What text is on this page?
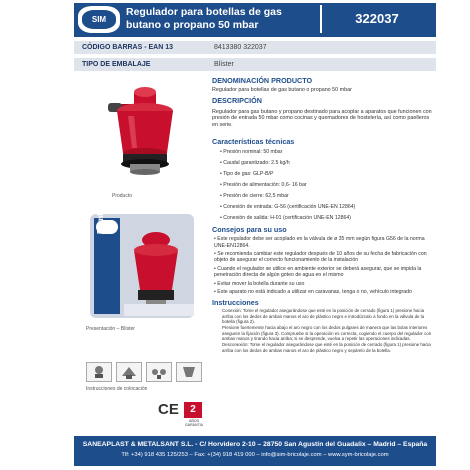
SIM
Regulador para botellas de gas butano o propano 50 mbar	322037
CÓDIGO BARRAS - EAN 13	8413380 322037
TIPO DE EMBALAJE	Blíster
Producto
Presentación – Blíster
Instrucciones de colocación
CE	2
AÑOS GARANTIA
DENOMINACIÓN PRODUCTO
Regulador para botellas de gas butano o propano 50 mbar
DESCRIPCIÓN
Regulador para gas butano y propano destinado para acoplar a aparatos que funcionen con presión de entrada 50 mbar como cocinas y quemadores de hostelería, así como paelleros en serie.
Características técnicas
• Presión nominal: 50 mbar
• Caudal garantizado: 2.5 kg/h
• Tipo de gas: GLP-B/P
• Presión de alimentación: 0,6- 16 bar
• Presión de cierre: 62,5 mbar
• Conexión de entrada: G-56 (certificación UNE-EN 12864)
• Conexión de salida: H-01 (certificación UNE-EN 12864)
Consejos para su uso
• Este regulador debe ser acoplado en la válvula de ø 35 mm según figura G56 de la norma UNE-EN12864.
• Se recomienda cambiar este regulador después de 10 años de su fecha de fabricación con objeto de asegurar el correcto funcionamiento de la instalación
• Cuando el regulador se utilice en ambiente exterior se deberá asegurar, que se impida la penetración directa de algún goteo de agua en el mismo
• Evitar mover la botella durante su uso
• Este aparato no está indicado a utilizar en caravanas, tenga o no, vehículo integrado
Instrucciones
Conexión: Tome el regulador asegurándose que esté en la posición de cerrado (figura 1) presione hacia arriba con los dedos de ambas manos el aro de plástico negro e introdúzcalo a fondo en la válvula de la botella (figura 2).
Presione fuertemente hacia abajo el aro negro con los dedos pulgares de manera que las bolas interiores aseguren la fijación (figura 3). Compruebe si la operación es correcta, cogiendo el cuerpo del regulador con ambas manos y tirando hacia arriba; si se desprende, vuelva a repetir las operaciones indicadas.
Desconexión: Tome el regulador asegurándose que esté en la posición de cerrado (figura 1) presione hacia arriba con los dedos de ambas manos el aro de plástico negro y sepárelo de la botella.
SANEAPLAST & METALSANT S.L. - C/ Horvidero 2-10 – 28750 San Agustín del Guadalix – Madrid – España
Tlf: +34) 918 435 125/253 – Fax: +(34) 918 419 000 – info@sim-bricolaje.com – www.sym-bricolaje.com
